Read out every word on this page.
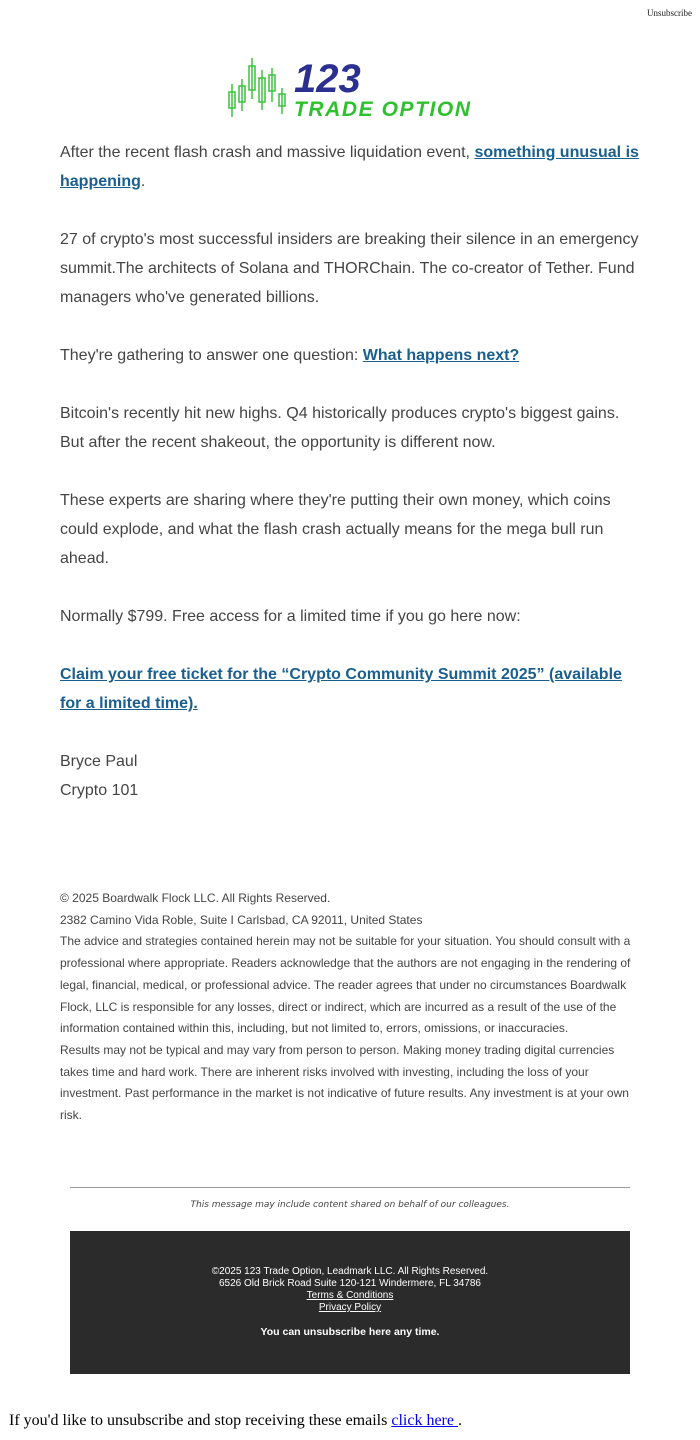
Unsubscribe
123
TRADE OPTION

After the recent flash crash and massive liquidation event, something unusual is happening.

27 of crypto's most successful insiders are breaking their silence in an emergency summit.The architects of Solana and THORChain. The co-creator of Tether. Fund managers who've generated billions.

They're gathering to answer one question: What happens next?

Bitcoin's recently hit new highs. Q4 historically produces crypto's biggest gains. But after the recent shakeout, the opportunity is different now.

These experts are sharing where they're putting their own money, which coins could explode, and what the flash crash actually means for the mega bull run ahead.

Normally $799. Free access for a limited time if you go here now:

Claim your free ticket for the “Crypto Community Summit 2025” (available for a limited time).

Bryce Paul
Crypto 101

© 2025 Boardwalk Flock LLC. All Rights Reserved.

2382 Camino Vida Roble, Suite I Carlsbad, CA 92011, United States

The advice and strategies contained herein may not be suitable for your situation. You should consult with a professional where appropriate. Readers acknowledge that the authors are not engaging in the rendering of legal, financial, medical, or professional advice. The reader agrees that under no circumstances Boardwalk Flock, LLC is responsible for any losses, direct or indirect, which are incurred as a result of the use of the information contained within this, including, but not limited to, errors, omissions, or inaccuracies.

Results may not be typical and may vary from person to person. Making money trading digital currencies takes time and hard work. There are inherent risks involved with investing, including the loss of your investment. Past performance in the market is not indicative of future results. Any investment is at your own risk.

This message may include content shared on behalf of our colleagues.
©2025 123 Trade Option, Leadmark LLC. All Rights Reserved.
6526 Old Brick Road Suite 120-121 Windermere, FL 34786
Terms & Conditions
Privacy Policy
You can unsubscribe here any time.
If you'd like to unsubscribe and stop receiving these emails click here .
